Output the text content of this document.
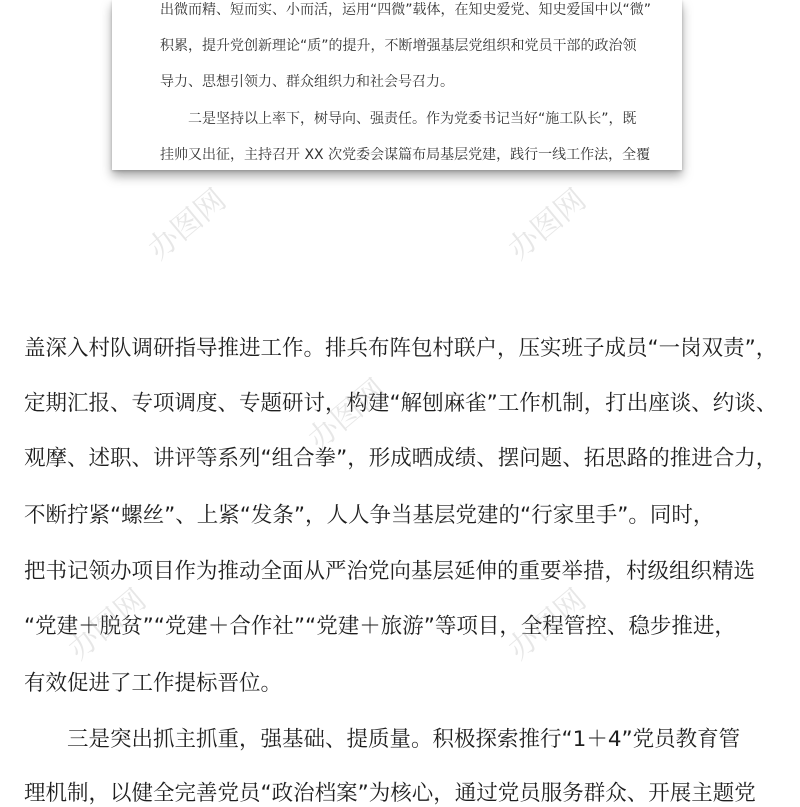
出微而精、短而实、小而活，运用“四微”载体，在知史爱党、知史爱国中以“微”
积累，提升党创新理论“质”的提升，不断增强基层党组织和党员干部的政治领
导力、思想引领力、群众组织力和社会号召力。
　　二是坚持以上率下，树导向、强责任。作为党委书记当好“施工队长”，既
挂帅又出征，主持召开 XX 次党委会谋篇布局基层党建，践行一线工作法，全覆
盖深入村队调研指导推进工作。排兵布阵包村联户，压实班子成员“一岗双责”，
定期汇报、专项调度、专题研讨，构建“解刨麻雀”工作机制，打出座谈、约谈、
观摩、述职、讲评等系列“组合拳”，形成晒成绩、摆问题、拓思路的推进合力，
不断拧紧“螺丝”、上紧“发条”，人人争当基层党建的“行家里手”。同时，
把书记领办项目作为推动全面从严治党向基层延伸的重要举措，村级组织精选
“党建＋脱贫”“党建＋合作社”“党建＋旅游”等项目，全程管控、稳步推进，
有效促进了工作提标晋位。
　　三是突出抓主抓重，强基础、提质量。积极探索推行“1＋4”党员教育管
理机制，以健全完善党员“政治档案”为核心，通过党员服务群众、开展主题党
办图网	办图网
办图网
办图网	办图网
